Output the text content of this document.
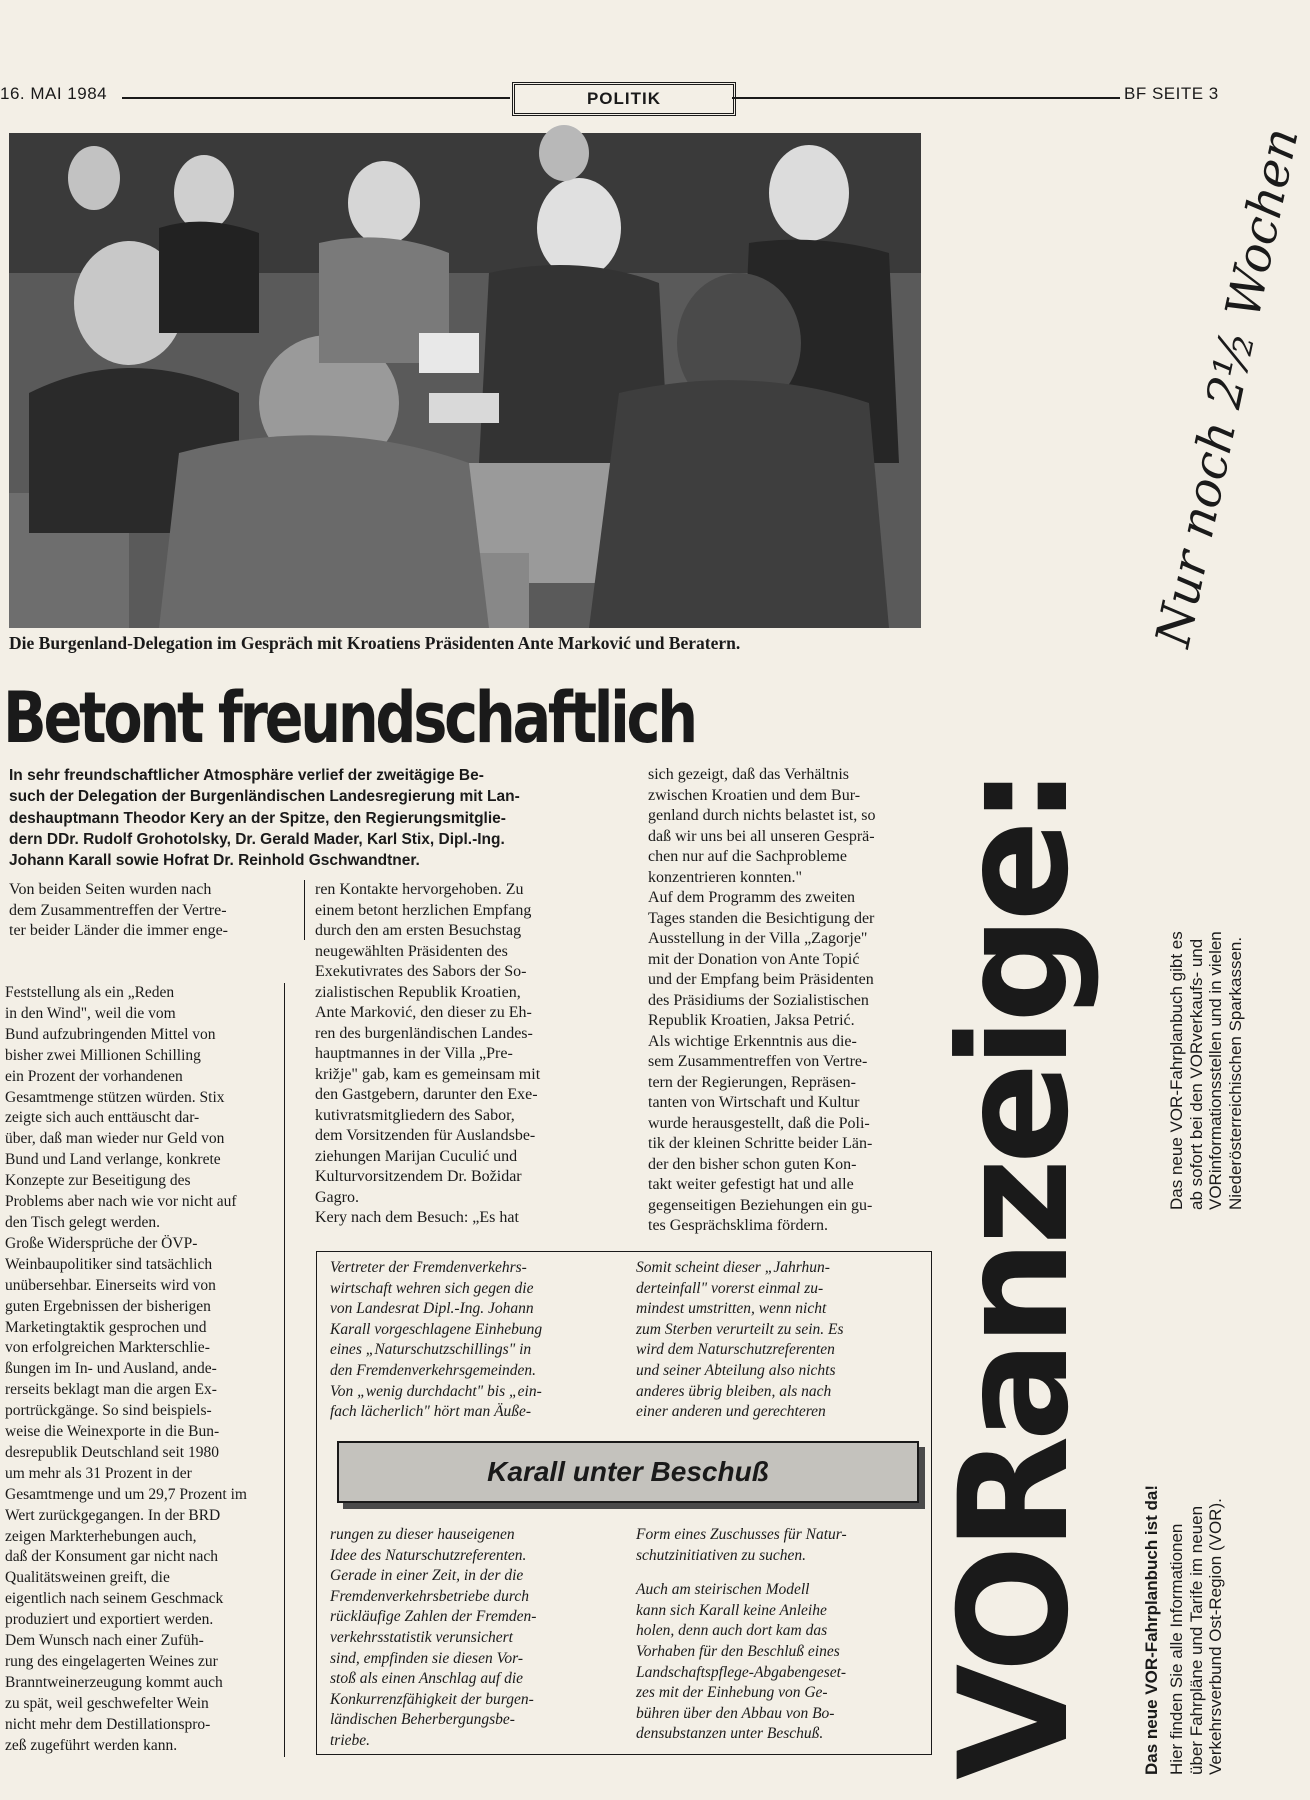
16. MAI 1984	POLITIK	BF SEITE 3
Die Burgenland-Delegation im Gespräch mit Kroatiens Präsidenten Ante Marković und Beratern.
Betont freundschaftlich
In sehr freundschaftlicher Atmosphäre verlief der zweitägige Be-
such der Delegation der Burgenländischen Landesregierung mit Lan-
deshauptmann Theodor Kery an der Spitze, den Regierungsmitglie-
dern DDr. Rudolf Grohotolsky, Dr. Gerald Mader, Karl Stix, Dipl.-Ing.
Johann Karall sowie Hofrat Dr. Reinhold Gschwandtner.
Von beiden Seiten wurden nach
dem Zusammentreffen der Vertre-
ter beider Länder die immer enge-
Feststellung als ein „Reden
in den Wind", weil die vom
Bund aufzubringenden Mittel von
bisher zwei Millionen Schilling
ein Prozent der vorhandenen
Gesamtmenge stützen würden. Stix
zeigte sich auch enttäuscht dar-
über, daß man wieder nur Geld von
Bund und Land verlange, konkrete
Konzepte zur Beseitigung des
Problems aber nach wie vor nicht auf
den Tisch gelegt werden.
Große Widersprüche der ÖVP-
Weinbaupolitiker sind tatsächlich
unübersehbar. Einerseits wird von
guten Ergebnissen der bisherigen
Marketingtaktik gesprochen und
von erfolgreichen Markterschlie-
ßungen im In- und Ausland, ande-
rerseits beklagt man die argen Ex-
portrückgänge. So sind beispiels-
weise die Weinexporte in die Bun-
desrepublik Deutschland seit 1980
um mehr als 31 Prozent in der
Gesamtmenge und um 29,7 Prozent im
Wert zurückgegangen. In der BRD
zeigen Markterhebungen auch,
daß der Konsument gar nicht nach
Qualitätsweinen greift, die
eigentlich nach seinem Geschmack
produziert und exportiert werden.
Dem Wunsch nach einer Zufüh-
rung des eingelagerten Weines zur
Branntweinerzeugung kommt auch
zu spät, weil geschwefelter Wein
nicht mehr dem Destillationspro-
zeß zugeführt werden kann.
ren Kontakte hervorgehoben. Zu
einem betont herzlichen Empfang
durch den am ersten Besuchstag
neugewählten Präsidenten des
Exekutivrates des Sabors der So-
zialistischen Republik Kroatien,
Ante Marković, den dieser zu Eh-
ren des burgenländischen Landes-
hauptmannes in der Villa „Pre-
križje" gab, kam es gemeinsam mit
den Gastgebern, darunter den Exe-
kutivratsmitgliedern des Sabor,
dem Vorsitzenden für Auslandsbe-
ziehungen Marijan Cuculić und
Kulturvorsitzendem Dr. Božidar
Gagro.
Kery nach dem Besuch: „Es hat
sich gezeigt, daß das Verhältnis
zwischen Kroatien und dem Bur-
genland durch nichts belastet ist, so
daß wir uns bei all unseren Gesprä-
chen nur auf die Sachprobleme
konzentrieren konnten."
Auf dem Programm des zweiten
Tages standen die Besichtigung der
Ausstellung in der Villa „Zagorje"
mit der Donation von Ante Topić
und der Empfang beim Präsidenten
des Präsidiums der Sozialistischen
Republik Kroatien, Jaksa Petrić.
Als wichtige Erkenntnis aus die-
sem Zusammentreffen von Vertre-
tern der Regierungen, Repräsen-
tanten von Wirtschaft und Kultur
wurde herausgestellt, daß die Poli-
tik der kleinen Schritte beider Län-
der den bisher schon guten Kon-
takt weiter gefestigt hat und alle
gegenseitigen Beziehungen ein gu-
tes Gesprächsklima fördern.
Vertreter der Fremdenverkehrs-
wirtschaft wehren sich gegen die
von Landesrat Dipl.-Ing. Johann
Karall vorgeschlagene Einhebung
eines „Naturschutzschillings" in
den Fremdenverkehrsgemeinden.
Von „wenig durchdacht" bis „ein-
fach lächerlich" hört man Äuße-
Somit scheint dieser „Jahrhun-
derteinfall" vorerst einmal zu-
mindest umstritten, wenn nicht
zum Sterben verurteilt zu sein. Es
wird dem Naturschutzreferenten
und seiner Abteilung also nichts
anderes übrig bleiben, als nach
einer anderen und gerechteren
Karall unter Beschuß
rungen zu dieser hauseigenen
Idee des Naturschutzreferenten.
Gerade in einer Zeit, in der die
Fremdenverkehrsbetriebe durch
rückläufige Zahlen der Fremden-
verkehrsstatistik verunsichert
sind, empfinden sie diesen Vor-
stoß als einen Anschlag auf die
Konkurrenzfähigkeit der burgen-
ländischen Beherbergungsbe-
triebe.
Form eines Zuschusses für Natur-
schutzinitiativen zu suchen.
Auch am steirischen Modell
kann sich Karall keine Anleihe
holen, denn auch dort kam das
Vorhaben für den Beschluß eines
Landschaftspflege-Abgabengeset-
zes mit der Einhebung von Ge-
bühren über den Abbau von Bo-
densubstanzen unter Beschuß. VORanzeige:
Nur noch 2½ Wochen
Das neue VOR-Fahrplanbuch ist da! Hier finden Sie alle Informationen über Fahrpläne und Tarife im neuen Verkehrsverbund Ost-Region (VOR).
Das neue VOR-Fahrplanbuch gibt es ab sofort bei den VORverkaufs- und VORinformationsstellen und in vielen Niederösterreichischen Sparkassen.
